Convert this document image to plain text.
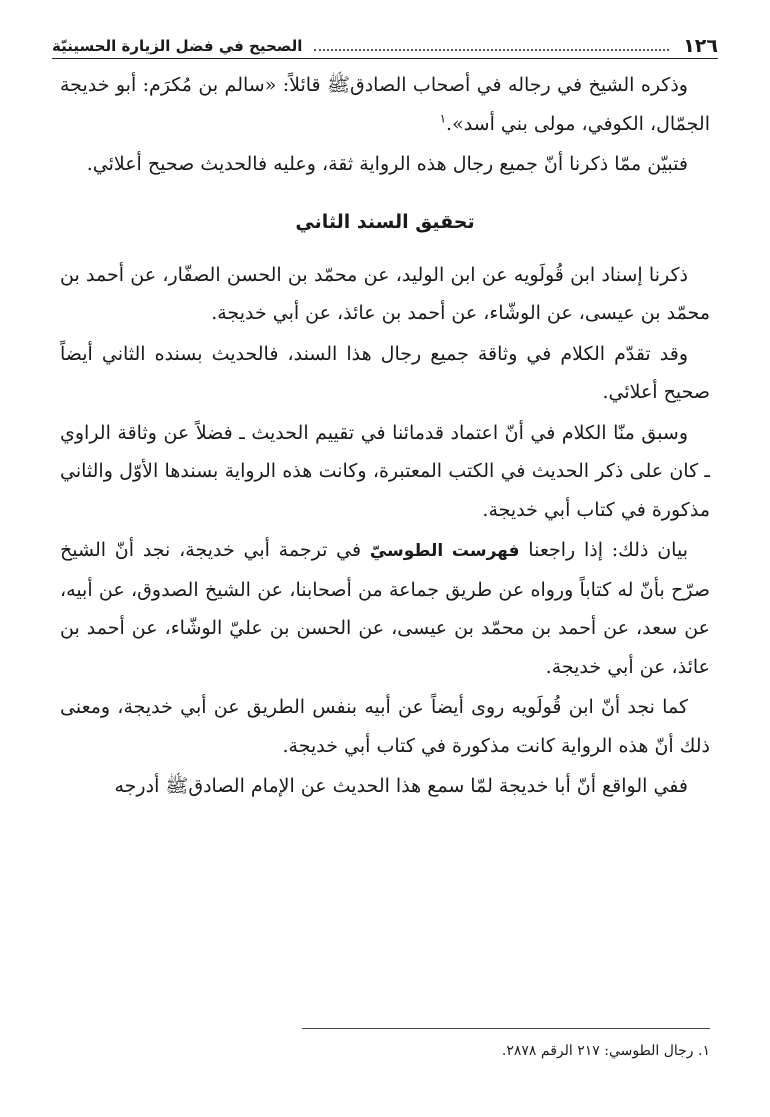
١٢٦
الصحيح في فضل الزيارة الحسينيّة

وذكره الشيخ في رجاله في أصحاب الصادقﷺ قائلاً: «سالم بن مُكرَم: أبو خديجة الجمّال، الكوفي، مولى بني أسد».$^١$

فتبيّن ممّا ذكرنا أنّ جميع رجال هذه الرواية ثقة، وعليه فالحديث صحيح أعلائي.

تحقيق السند الثاني

ذكرنا إسناد ابن قُولَويه عن ابن الوليد، عن محمّد بن الحسن الصفّار، عن أحمد بن محمّد بن عيسى، عن الوشّاء، عن أحمد بن عائذ، عن أبي خديجة.

وقد تقدّم الكلام في وثاقة جميع رجال هذا السند، فالحديث بسنده الثاني أيضاً صحيح أعلائي.

وسبق منّا الكلام في أنّ اعتماد قدمائنا في تقييم الحديث ـ فضلاً عن وثاقة الراوي ـ كان على ذكر الحديث في الكتب المعتبرة، وكانت هذه الرواية بسندها الأوّل والثاني مذكورة في كتاب أبي خديجة.

بيان ذلك: إذا راجعنا فهرست الطوسيّ في ترجمة أبي خديجة، نجد أنّ الشيخ صرّح بأنّ له كتاباً ورواه عن طريق جماعة من أصحابنا، عن الشيخ الصدوق، عن أبيه، عن سعد، عن أحمد بن محمّد بن عيسى، عن الحسن بن عليّ الوشّاء، عن أحمد بن عائذ، عن أبي خديجة.

كما نجد أنّ ابن قُولَويه روى أيضاً عن أبيه بنفس الطريق عن أبي خديجة، ومعنى ذلك أنّ هذه الرواية كانت مذكورة في كتاب أبي خديجة.

ففي الواقع أنّ أبا خديجة لمّا سمع هذا الحديث عن الإمام الصادقﷺ أدرجه

١. رجال الطوسي: ٢١٧ الرقم ٢٨٧٨.
